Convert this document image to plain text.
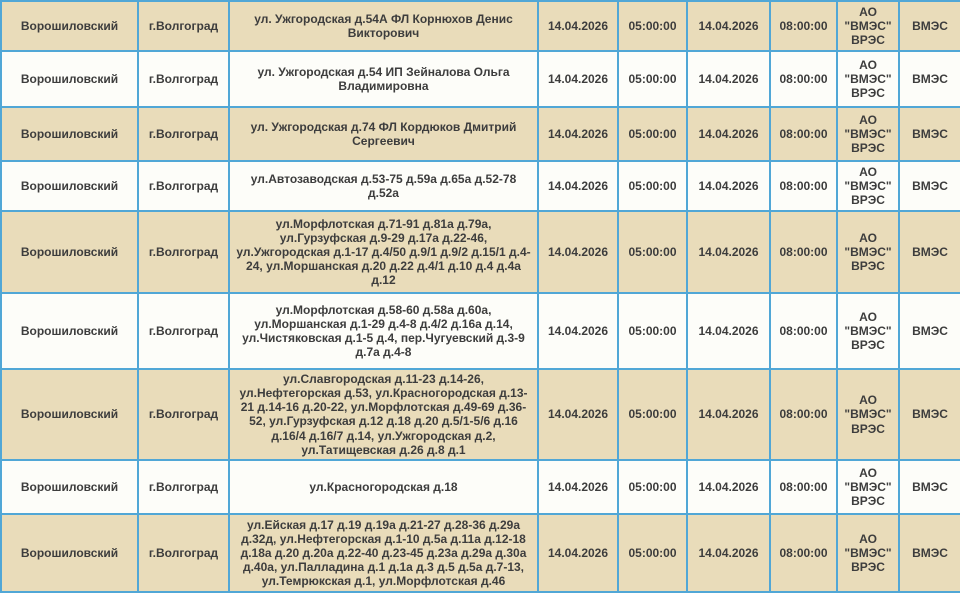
Ворошиловский	г.Волгоград	ул. Ужгородская д.54А ФЛ Корнюхов Денис Викторович	14.04.2026	05:00:00	14.04.2026	08:00:00	АО "ВМЭС" ВРЭС	ВМЭС
Ворошиловский	г.Волгоград	ул. Ужгородская д.54 ИП Зейналова Ольга Владимировна	14.04.2026	05:00:00	14.04.2026	08:00:00	АО "ВМЭС" ВРЭС	ВМЭС
Ворошиловский	г.Волгоград	ул. Ужгородская д.74 ФЛ Кордюков Дмитрий Сергеевич	14.04.2026	05:00:00	14.04.2026	08:00:00	АО "ВМЭС" ВРЭС	ВМЭС
Ворошиловский	г.Волгоград	ул.Автозаводская д.53-75 д.59а д.65а д.52-78 д.52а	14.04.2026	05:00:00	14.04.2026	08:00:00	АО "ВМЭС" ВРЭС	ВМЭС
Ворошиловский	г.Волгоград	ул.Морфлотская д.71-91 д.81а д.79а, ул.Гурзуфская д.9-29 д.17а д.22-46, ул.Ужгородская д.1-17 д.4/50 д.9/1 д.9/2 д.15/1 д.4-24, ул.Моршанская д.20 д.22 д.4/1 д.10 д.4 д.4а д.12	14.04.2026	05:00:00	14.04.2026	08:00:00	АО "ВМЭС" ВРЭС	ВМЭС
Ворошиловский	г.Волгоград	ул.Морфлотская д.58-60 д.58а д.60а, ул.Моршанская д.1-29 д.4-8 д.4/2 д.16а д.14, ул.Чистяковская д.1-5 д.4, пер.Чугуевский д.3-9 д.7а д.4-8	14.04.2026	05:00:00	14.04.2026	08:00:00	АО "ВМЭС" ВРЭС	ВМЭС
Ворошиловский	г.Волгоград	ул.Славгородская д.11-23 д.14-26, ул.Нефтегорская д.53, ул.Красногородская д.13-21 д.14-16 д.20-22, ул.Морфлотская д.49-69 д.36-52, ул.Гурзуфская д.12 д.18 д.20 д.5/1-5/6 д.16 д.16/4 д.16/7 д.14, ул.Ужгородская д.2, ул.Татищевская д.26 д.8 д.1	14.04.2026	05:00:00	14.04.2026	08:00:00	АО "ВМЭС" ВРЭС	ВМЭС
Ворошиловский	г.Волгоград	ул.Красногородская д.18	14.04.2026	05:00:00	14.04.2026	08:00:00	АО "ВМЭС" ВРЭС	ВМЭС
Ворошиловский	г.Волгоград	ул.Ейская д.17 д.19 д.19а д.21-27 д.28-36 д.29а д.32д, ул.Нефтегорская д.1-10 д.5а д.11а д.12-18 д.18а д.20 д.20а д.22-40 д.23-45 д.23а д.29а д.30а д.40а, ул.Палладина д.1 д.1а д.3 д.5 д.5а д.7-13, ул.Темрюкская д.1, ул.Морфлотская д.46	14.04.2026	05:00:00	14.04.2026	08:00:00	АО "ВМЭС" ВРЭС	ВМЭС
